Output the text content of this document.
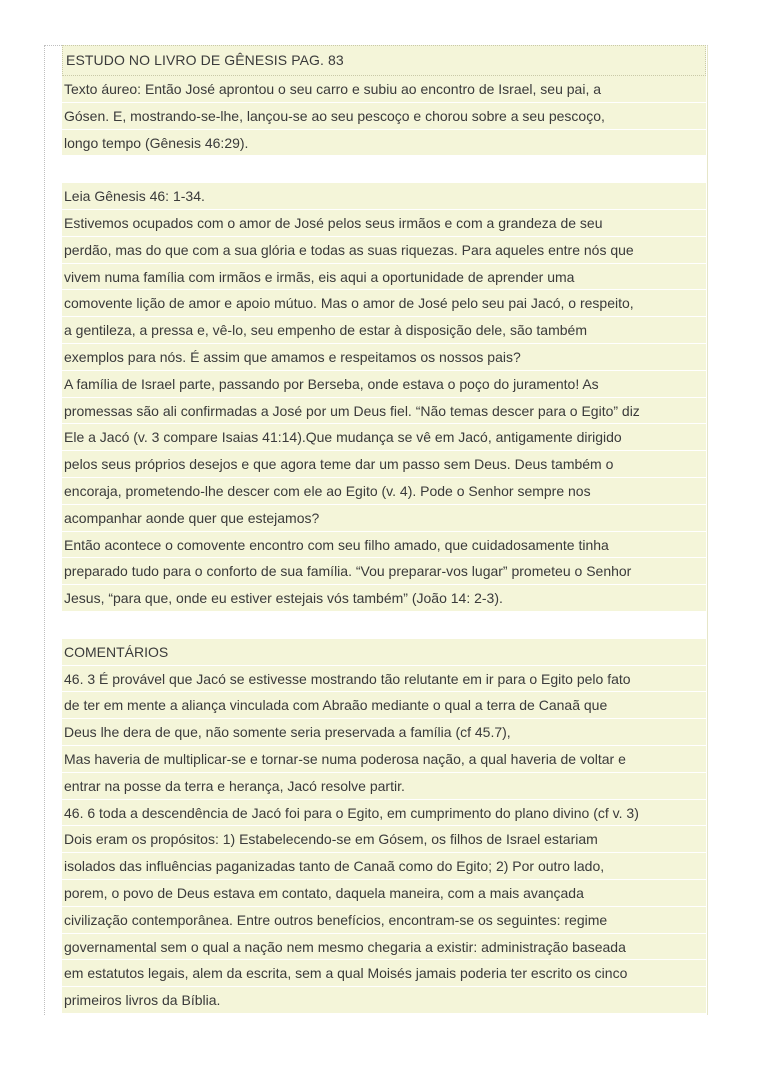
ESTUDO NO LIVRO DE GÊNESIS PAG. 83
Texto áureo: Então José aprontou o seu carro e subiu ao encontro de Israel, seu pai, a
Gósen. E, mostrando-se-lhe, lançou-se ao seu pescoço e chorou sobre a seu pescoço,
longo tempo (Gênesis 46:29).
Leia Gênesis 46: 1-34.
Estivemos ocupados com o amor de José pelos seus irmãos e com a grandeza de seu
perdão, mas do que com a sua glória e todas as suas riquezas. Para aqueles entre nós que
vivem numa família com irmãos e irmãs, eis aqui a oportunidade de aprender uma
comovente lição de amor e apoio mútuo. Mas o amor de José pelo seu pai Jacó, o respeito,
a gentileza, a pressa e, vê-lo, seu empenho de estar à disposição dele, são também
exemplos para nós. É assim que amamos e respeitamos os nossos pais?
A família de Israel parte, passando por Berseba, onde estava o poço do juramento! As
promessas são ali confirmadas a José por um Deus fiel. “Não temas descer para o Egito” diz
Ele a Jacó (v. 3 compare Isaias 41:14).Que mudança se vê em Jacó, antigamente dirigido
pelos seus próprios desejos e que agora teme dar um passo sem Deus. Deus também o
encoraja, prometendo-lhe descer com ele ao Egito (v. 4). Pode o Senhor sempre nos
acompanhar aonde quer que estejamos?
Então acontece o comovente encontro com seu filho amado, que cuidadosamente tinha
preparado tudo para o conforto de sua família. “Vou preparar-vos lugar” prometeu o Senhor
Jesus, “para que, onde eu estiver estejais vós também” (João 14: 2-3).
COMENTÁRIOS
46. 3 É provável que Jacó se estivesse mostrando tão relutante em ir para o Egito pelo fato
de ter em mente a aliança vinculada com Abraão mediante o qual a terra de Canaã que
Deus lhe dera de que, não somente seria preservada a família (cf 45.7),
Mas haveria de multiplicar-se e tornar-se numa poderosa nação, a qual haveria de voltar e
entrar na posse da terra e herança, Jacó resolve partir.
46. 6 toda a descendência de Jacó foi para o Egito, em cumprimento do plano divino (cf v. 3)
Dois eram os propósitos: 1) Estabelecendo-se em Gósem, os filhos de Israel estariam
isolados das influências paganizadas tanto de Canaã como do Egito; 2) Por outro lado,
porem, o povo de Deus estava em contato, daquela maneira, com a mais avançada
civilização contemporânea. Entre outros benefícios, encontram-se os seguintes: regime
governamental sem o qual a nação nem mesmo chegaria a existir: administração baseada
em estatutos legais, alem da escrita, sem a qual Moisés jamais poderia ter escrito os cinco
primeiros livros da Bíblia.
